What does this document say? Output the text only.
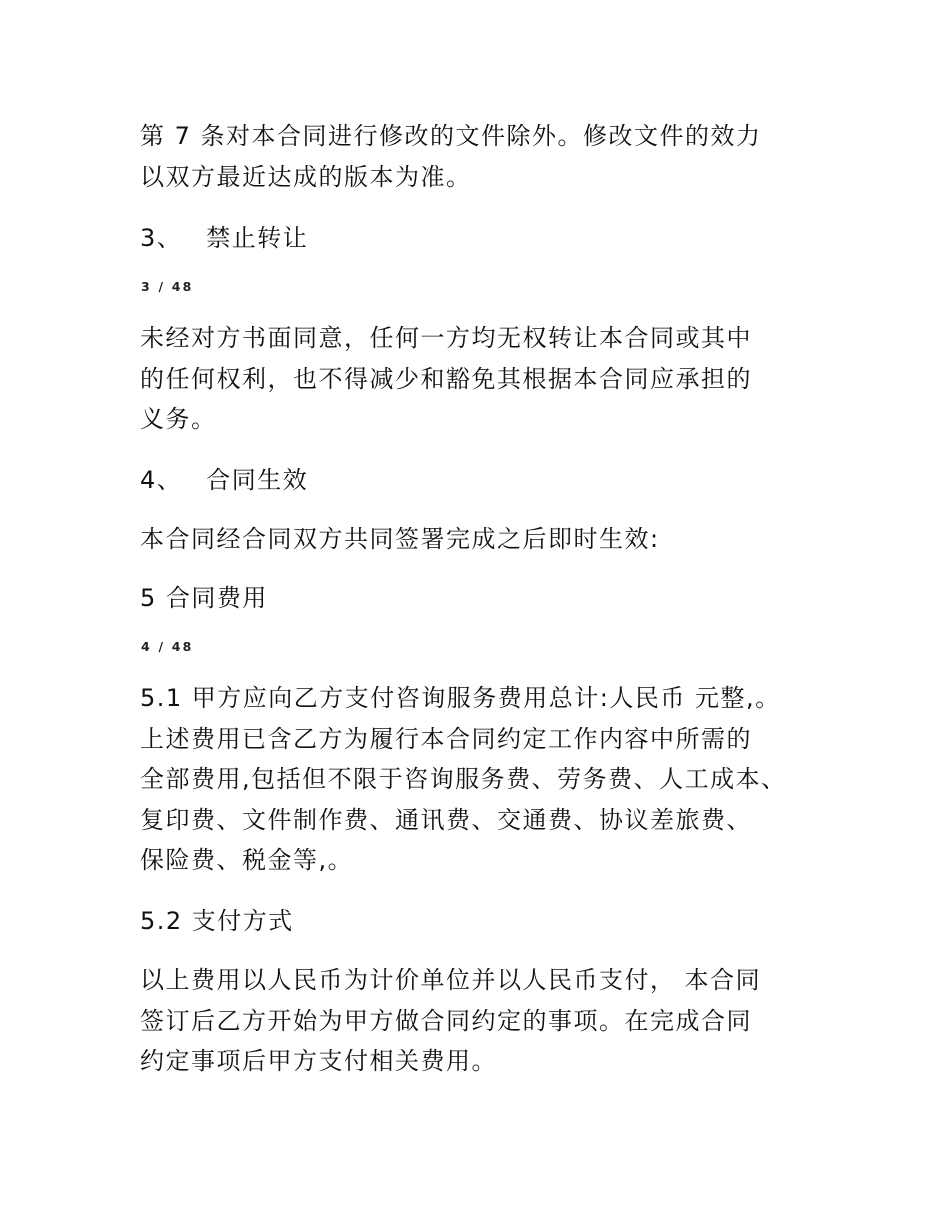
第 7 条对本合同进行修改的文件除外。修改文件的效力
以双方最近达成的版本为准。
3、 禁止转让
3 / 48
未经对方书面同意，任何一方均无权转让本合同或其中
的任何权利，也不得减少和豁免其根据本合同应承担的
义务。
4、 合同生效
本合同经合同双方共同签署完成之后即时生效:
5 合同费用
4 / 48
5.1 甲方应向乙方支付咨询服务费用总计:人民币 元整,。
上述费用已含乙方为履行本合同约定工作内容中所需的
全部费用,包括但不限于咨询服务费、劳务费、人工成本、
复印费、文件制作费、通讯费、交通费、协议差旅费、
保险费、税金等,。
5.2 支付方式
以上费用以人民币为计价单位并以人民币支付， 本合同
签订后乙方开始为甲方做合同约定的事项。在完成合同
约定事项后甲方支付相关费用。
